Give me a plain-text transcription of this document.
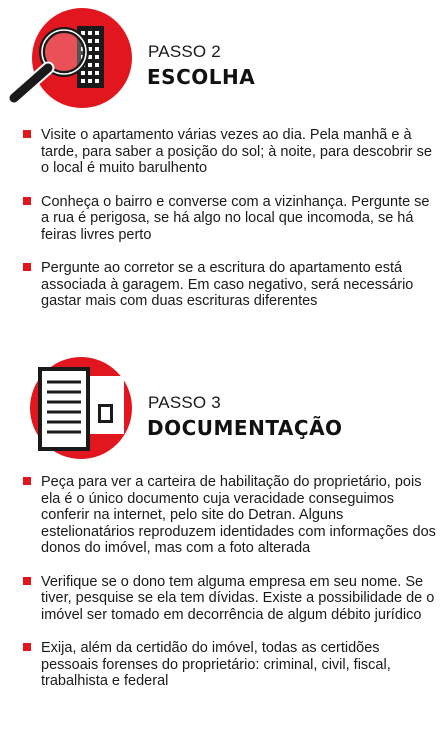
PASSO 2
ESCOLHA
Visite o apartamento várias vezes ao dia. Pela manhã e à tarde, para saber a posição do sol; à noite, para descobrir se o local é muito barulhento
Conheça o bairro e converse com a vizinhança. Pergunte se a rua é perigosa, se há algo no local que incomoda, se há feiras livres perto
Pergunte ao corretor se a escritura do apartamento está associada à garagem. Em caso negativo, será necessário gastar mais com duas escrituras diferentes
PASSO 3
DOCUMENTAÇÃO
Peça para ver a carteira de habilitação do proprietário, pois ela é o único documento cuja veracidade conseguimos conferir na internet, pelo site do Detran. Alguns estelionatários reproduzem identidades com informações dos donos do imóvel, mas com a foto alterada
Verifique se o dono tem alguma empresa em seu nome. Se tiver, pesquise se ela tem dívidas. Existe a possibilidade de o imóvel ser tomado em decorrência de algum débito jurídico
Exija, além da certidão do imóvel, todas as certidões pessoais forenses do proprietário: criminal, civil, fiscal, trabalhista e federal
